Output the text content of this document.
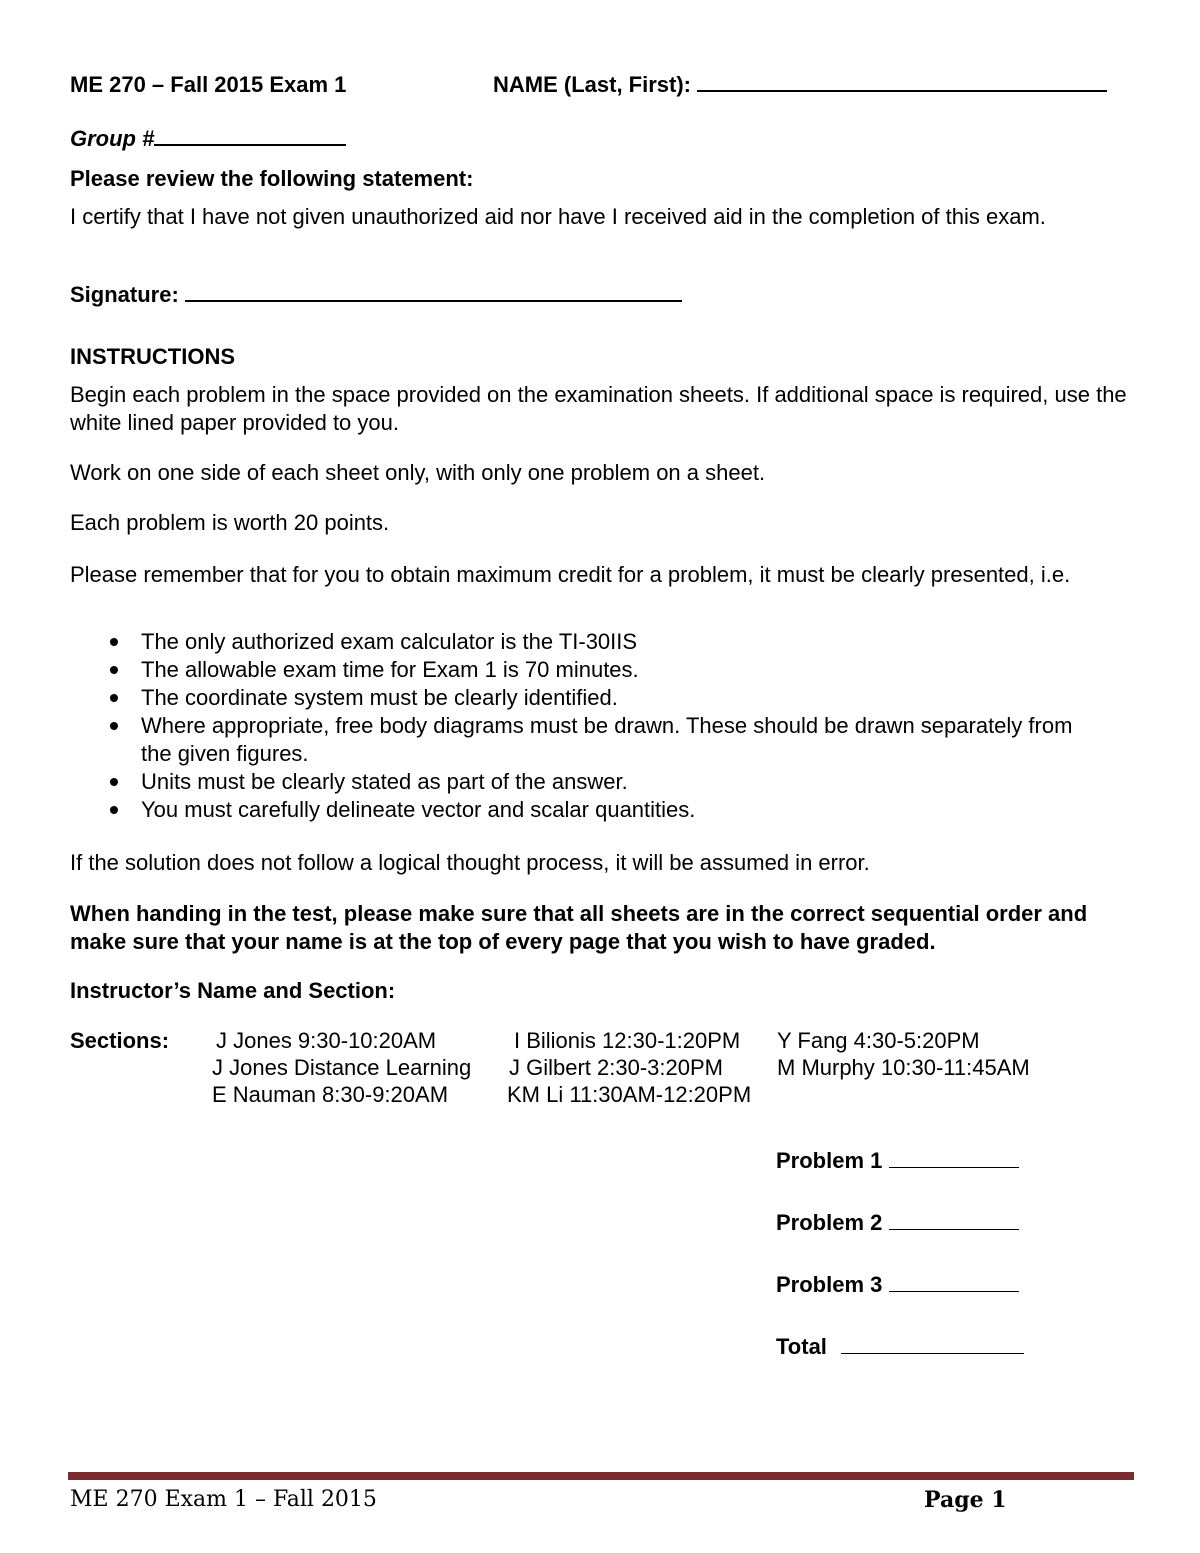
ME 270 – Fall 2015 Exam 1	NAME (Last, First):
Group #
Please review the following statement:
I certify that I have not given unauthorized aid nor have I received aid in the completion of this exam.
Signature:
INSTRUCTIONS
Begin each problem in the space provided on the examination sheets. If additional space is required, use the white lined paper provided to you.
Work on one side of each sheet only, with only one problem on a sheet.
Each problem is worth 20 points.
Please remember that for you to obtain maximum credit for a problem, it must be clearly presented, i.e.
The only authorized exam calculator is the TI-30IIS
The allowable exam time for Exam 1 is 70 minutes.
The coordinate system must be clearly identified.
Where appropriate, free body diagrams must be drawn. These should be drawn separately from the given figures.
Units must be clearly stated as part of the answer.
You must carefully delineate vector and scalar quantities.
If the solution does not follow a logical thought process, it will be assumed in error.
When handing in the test, please make sure that all sheets are in the correct sequential order and make sure that your name is at the top of every page that you wish to have graded.
Instructor’s Name and Section:
Sections: J Jones 9:30-10:20AM	I Bilionis 12:30-1:20PM Y Fang 4:30-5:20PM
J Jones Distance Learning J Gilbert 2:30-3:20PM M Murphy 10:30-11:45AM
E Nauman 8:30-9:20AM	KM Li 11:30AM-12:20PM
Problem 1
Problem 2
Problem 3
Total
ME 270 Exam 1 – Fall 2015	Page 1
